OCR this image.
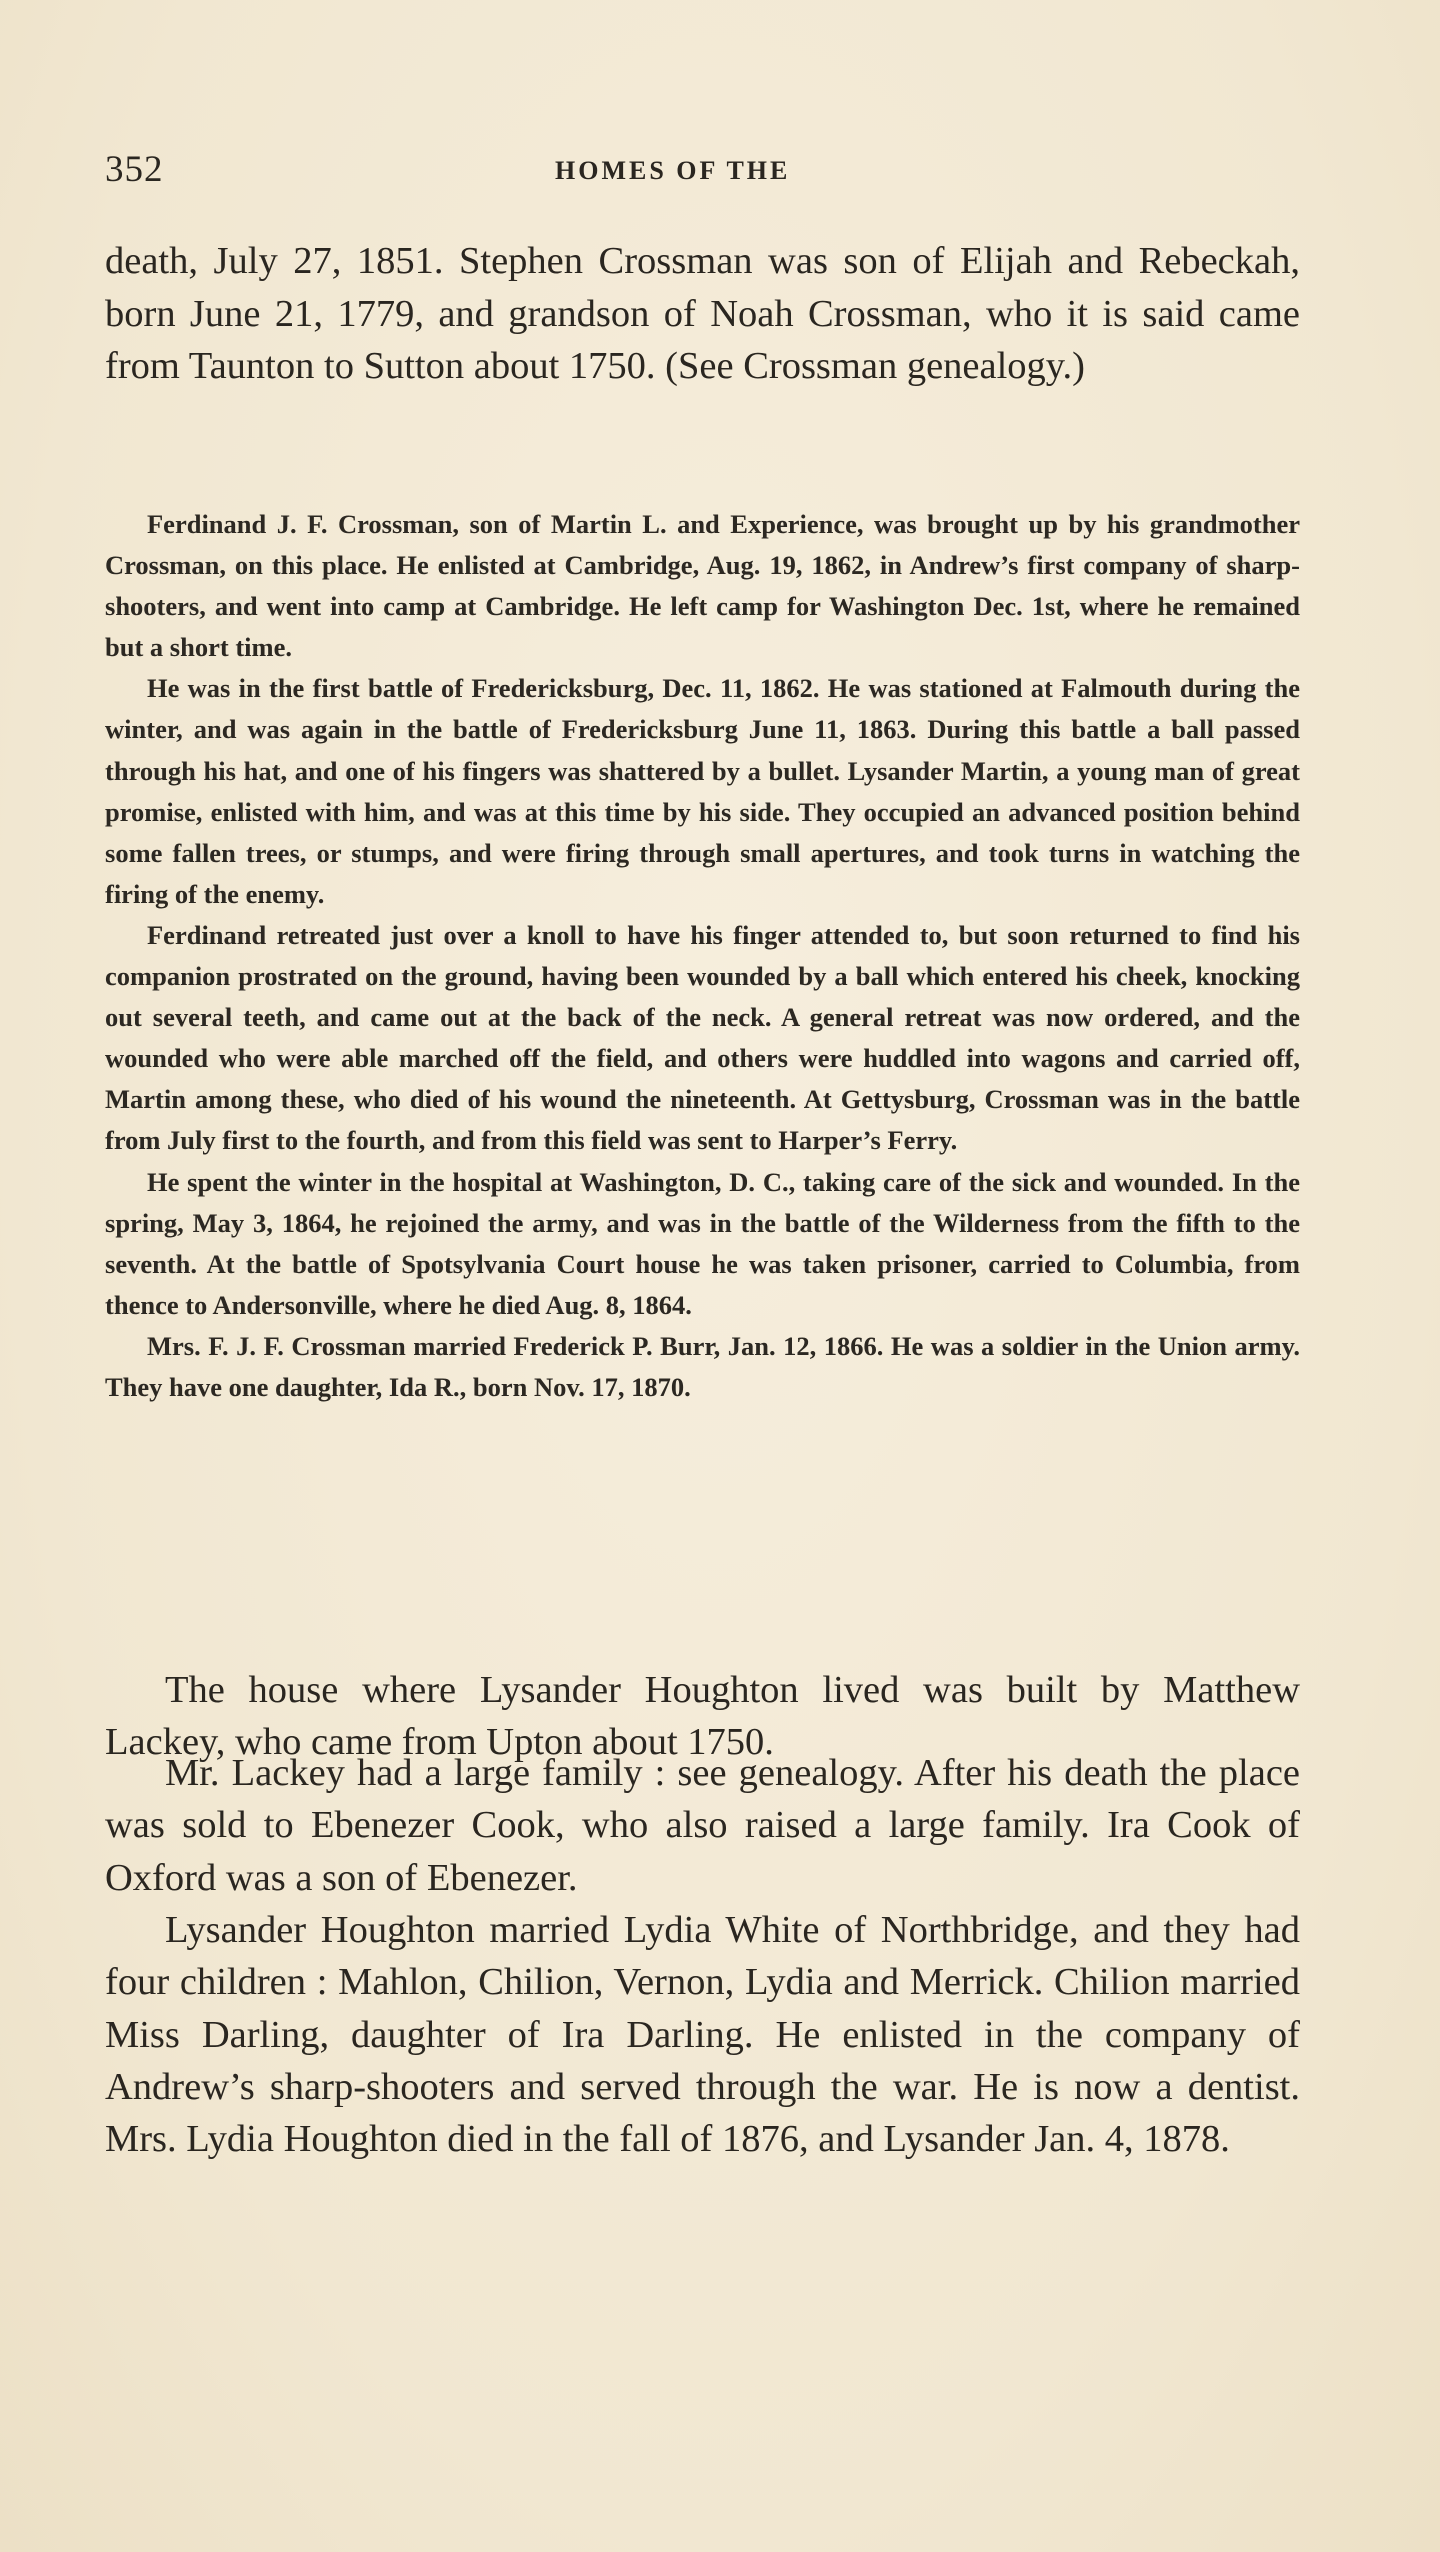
352	HOMES OF THE

death, July 27, 1851. Stephen Crossman was son of Elijah and Rebeckah, born June 21, 1779, and grandson of Noah Crossman, who it is said came from Taunton to Sutton about 1750. (See Crossman genealogy.)

Ferdinand J. F. Crossman, son of Martin L. and Experience, was brought up by his grandmother Crossman, on this place. He enlisted at Cambridge, Aug. 19, 1862, in Andrew’s first company of sharp-shooters, and went into camp at Cambridge. He left camp for Washington Dec. 1st, where he remained but a short time.

He was in the first battle of Fredericksburg, Dec. 11, 1862. He was stationed at Falmouth during the winter, and was again in the battle of Fredericksburg June 11, 1863. During this battle a ball passed through his hat, and one of his fingers was shattered by a bullet. Lysander Martin, a young man of great promise, enlisted with him, and was at this time by his side. They occupied an advanced position behind some fallen trees, or stumps, and were firing through small apertures, and took turns in watching the firing of the enemy.

Ferdinand retreated just over a knoll to have his finger attended to, but soon returned to find his companion prostrated on the ground, having been wounded by a ball which entered his cheek, knocking out several teeth, and came out at the back of the neck. A general retreat was now ordered, and the wounded who were able marched off the field, and others were huddled into wagons and carried off, Martin among these, who died of his wound the nineteenth. At Gettysburg, Crossman was in the battle from July first to the fourth, and from this field was sent to Harper’s Ferry.

He spent the winter in the hospital at Washington, D. C., taking care of the sick and wounded. In the spring, May 3, 1864, he rejoined the army, and was in the battle of the Wilderness from the fifth to the seventh. At the battle of Spotsylvania Court house he was taken prisoner, carried to Columbia, from thence to Andersonville, where he died Aug. 8, 1864.

Mrs. F. J. F. Crossman married Frederick P. Burr, Jan. 12, 1866. He was a soldier in the Union army. They have one daughter, Ida R., born Nov. 17, 1870.

The house where Lysander Houghton lived was built by Matthew Lackey, who came from Upton about 1750.

Mr. Lackey had a large family : see genealogy. After his death the place was sold to Ebenezer Cook, who also raised a large family. Ira Cook of Oxford was a son of Ebenezer.

Lysander Houghton married Lydia White of Northbridge, and they had four children : Mahlon, Chilion, Vernon, Lydia and Merrick. Chilion married Miss Darling, daughter of Ira Darling. He enlisted in the company of Andrew’s sharp-shooters and served through the war. He is now a dentist. Mrs. Lydia Houghton died in the fall of 1876, and Lysander Jan. 4, 1878.
